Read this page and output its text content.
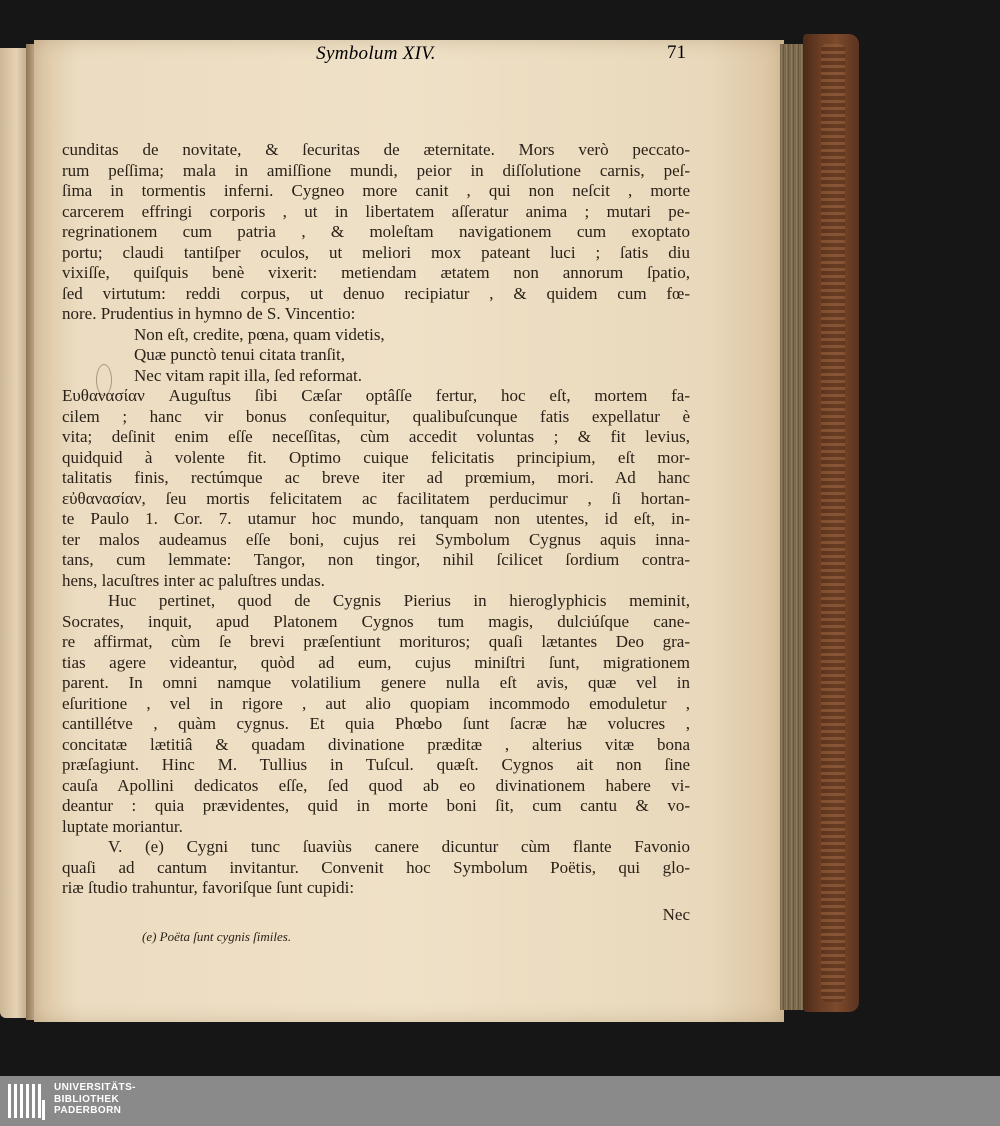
Symbolum XIV.	71
cunditas de novitate, & ſecuritas de æternitate. Mors verò peccato-
rum peſſima; mala in amiſſione mundi, peior in diſſolutione carnis, peſ-
ſima in tormentis inferni. Cygneo more canit , qui non neſcit , morte
carcerem effringi corporis , ut in libertatem aſſeratur anima ; mutari pe-
regrinationem cum patria , & moleſtam navigationem cum exoptato
portu; claudi tantiſper oculos, ut meliori mox pateant luci ; ſatis diu
vixiſſe, quiſquis benè vixerit: metiendam ætatem non annorum ſpatio,
ſed virtutum: reddi corpus, ut denuo recipiatur , & quidem cum fœ-
nore. Prudentius in hymno de S. Vincentio:
Non eſt, credite, pœna, quam videtis,
Quæ punctò tenui citata tranſit,
Nec vitam rapit illa, ſed reformat.
Ευθανασίαν Auguſtus ſibi Cæſar optâſſe fertur, hoc eſt, mortem fa-
cilem ; hanc vir bonus conſequitur, qualibuſcunque fatis expellatur è
vita; deſinit enim eſſe neceſſitas, cùm accedit voluntas ; & fit levius,
quidquid à volente fit. Optimo cuique felicitatis principium, eſt mor-
talitatis finis, rectúmque ac breve iter ad prœmium, mori. Ad hanc
εὐθανασίαν, ſeu mortis felicitatem ac facilitatem perducimur , ſi hortan-
te Paulo 1. Cor. 7. utamur hoc mundo, tanquam non utentes, id eſt, in-
ter malos audeamus eſſe boni, cujus rei Symbolum Cygnus aquis inna-
tans, cum lemmate: Tangor, non tingor, nihil ſcilicet ſordium contra-
hens, lacuſtres inter ac paluſtres undas.
Huc pertinet, quod de Cygnis Pierius in hieroglyphicis meminit,
Socrates, inquit, apud Platonem Cygnos tum magis, dulciúſque cane-
re affirmat, cùm ſe brevi præſentiunt morituros; quaſi lætantes Deo gra-
tias agere videantur, quòd ad eum, cujus miniſtri ſunt, migrationem
parent. In omni namque volatilium genere nulla eſt avis, quæ vel in
eſuritione , vel in rigore , aut alio quopiam incommodo emoduletur ,
cantillétve , quàm cygnus. Et quia Phœbo ſunt ſacræ hæ volucres ,
concitatæ lætitiâ & quadam divinatione præditæ , alterius vitæ bona
præſagiunt. Hinc M. Tullius in Tuſcul. quæſt. Cygnos ait non ſine
cauſa Apollini dedicatos eſſe, ſed quod ab eo divinationem habere vi-
deantur : quia prævidentes, quid in morte boni ſit, cum cantu & vo-
luptate moriantur.
V. (e) Cygni tunc ſuaviùs canere dicuntur cùm flante Favonio
quaſi ad cantum invitantur. Convenit hoc Symbolum Poëtis, qui glo-
riæ ſtudio trahuntur, favoriſque ſunt cupidi:
Nec
(e) Poëta ſunt cygnis ſimiles.
UNIVERSITÄTS-
BIBLIOTHEK
PADERBORN
